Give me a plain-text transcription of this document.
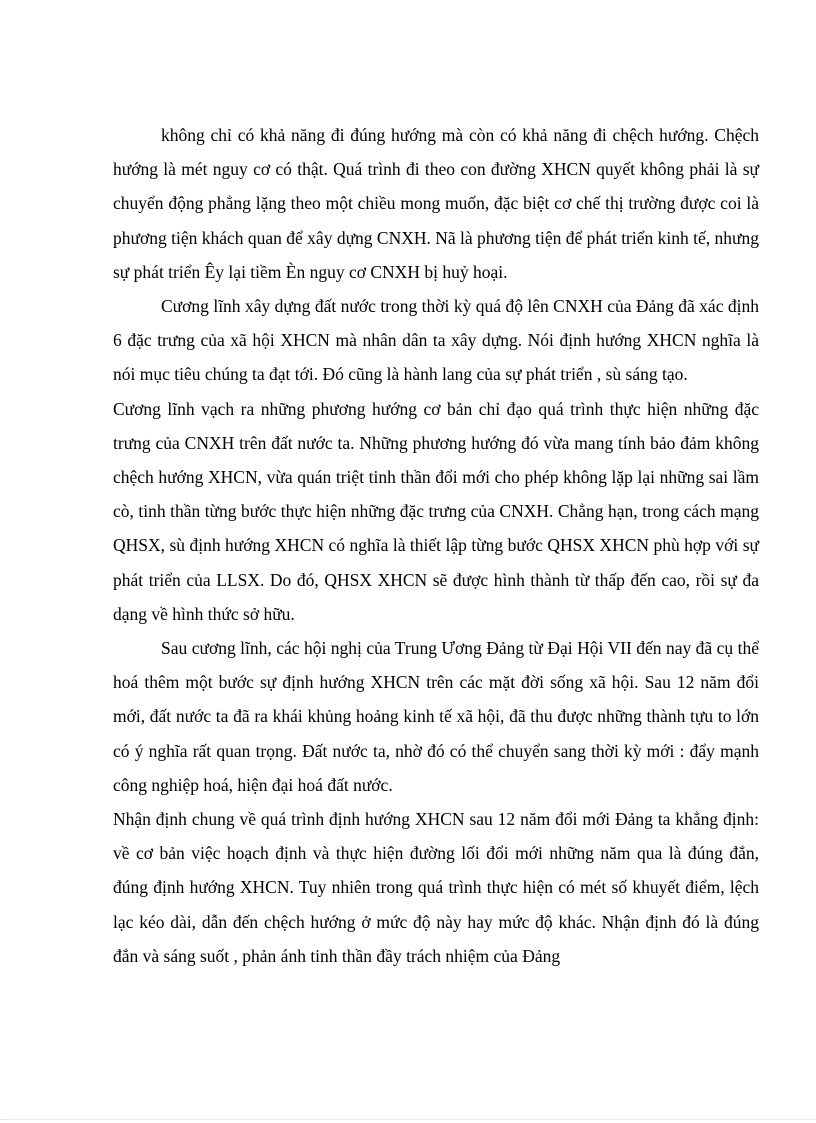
không chỉ có khả năng đi đúng hướng mà còn có khả năng đi chệch hướng. Chệch hướng là mét nguy cơ có thật. Quá trình đi theo con đường XHCN quyết không phải là sự chuyển động phẳng lặng theo một chiều mong muốn, đặc biệt cơ chế thị trường được coi là phương tiện khách quan để xây dựng CNXH. Nã là phương tiện để phát triển kinh tế, nhưng sự phát triển Êy lại tiềm Èn nguy cơ CNXH bị huỷ hoại.

Cương lĩnh xây dựng đất nước trong thời kỳ quá độ lên CNXH của Đảng đã xác định 6 đặc trưng của xã hội XHCN mà nhân dân ta xây dựng. Nói định hướng XHCN nghĩa là nói mục tiêu chúng ta đạt tới. Đó cũng là hành lang của sự phát triển , sù sáng tạo.

Cương lĩnh vạch ra những phương hướng cơ bản chỉ đạo quá trình thực hiện những đặc trưng của CNXH trên đất nước ta. Những phương hướng đó vừa mang tính bảo đảm không chệch hướng XHCN, vừa quán triệt tinh thần đổi mới cho phép không lặp lại những sai lầm cò, tinh thần từng bước thực hiện những đặc trưng của CNXH. Chẳng hạn, trong cách mạng QHSX, sù định hướng XHCN có nghĩa là thiết lập từng bước QHSX XHCN phù hợp với sự phát triển của LLSX. Do đó, QHSX XHCN sẽ được hình thành từ thấp đến cao, rồi sự đa dạng về hình thức sở hữu.

Sau cương lĩnh, các hội nghị của Trung Ương Đảng từ Đại Hội VII đến nay đã cụ thể hoá thêm một bước sự định hướng XHCN trên các mặt đời sống xã hội. Sau 12 năm đổi mới, đất nước ta đã ra khái khủng hoảng kinh tế xã hội, đã thu được những thành tựu to lớn có ý nghĩa rất quan trọng. Đất nước ta, nhờ đó có thể chuyển sang thời kỳ mới : đẩy mạnh công nghiệp hoá, hiện đại hoá đất nước.

Nhận định chung về quá trình định hướng XHCN sau 12 năm đổi mới Đảng ta khẳng định: về cơ bản việc hoạch định và thực hiện đường lối đổi mới những năm qua là đúng đắn, đúng định hướng XHCN. Tuy nhiên trong quá trình thực hiện có mét số khuyết điểm, lệch lạc kéo dài, dẫn đến chệch hướng ở mức độ này hay mức độ khác. Nhận định đó là đúng đắn và sáng suốt , phản ánh tinh thần đầy trách nhiệm của Đảng
